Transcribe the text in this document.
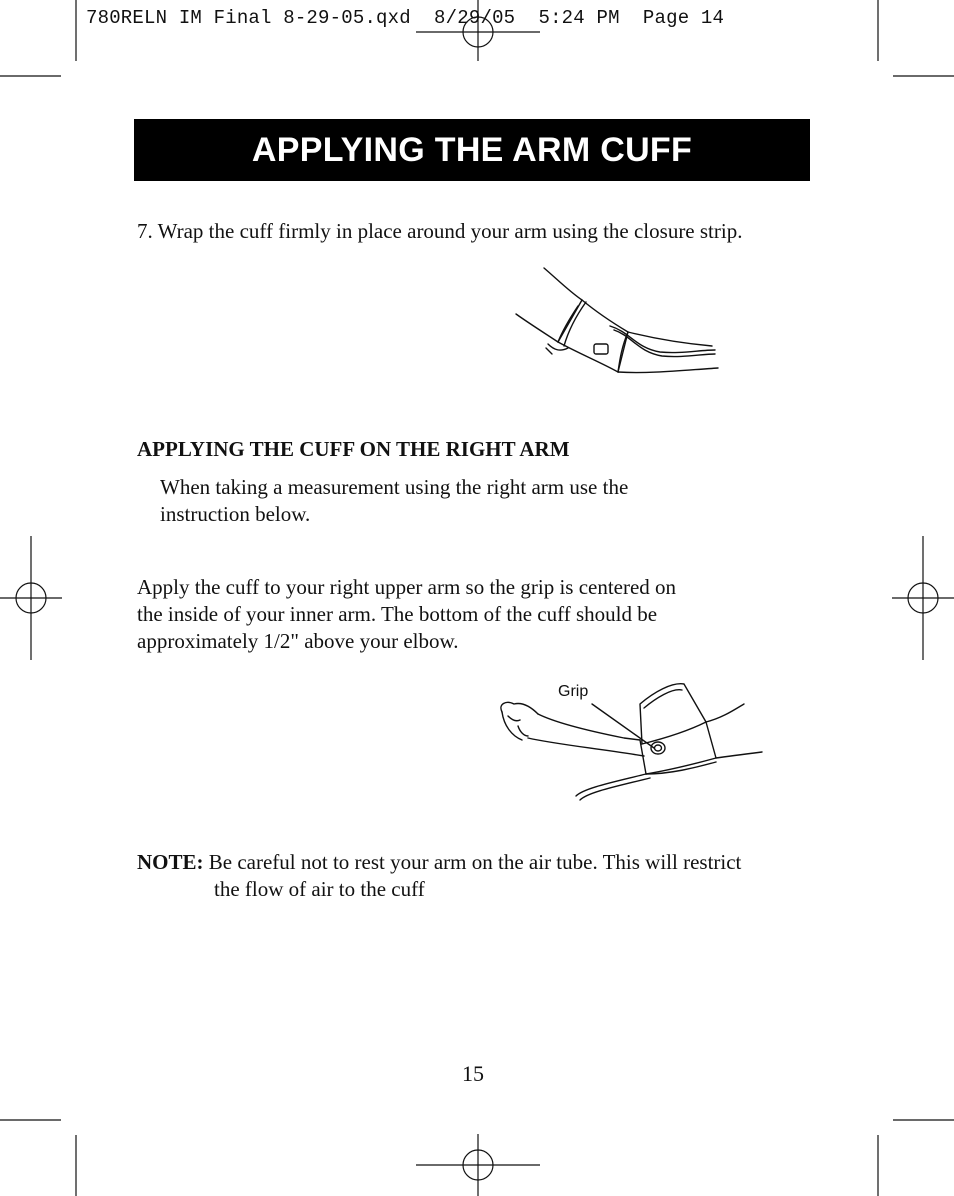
780RELN IM Final 8-29-05.qxd  8/29/05  5:24 PM  Page 14
APPLYING THE ARM CUFF
7. Wrap the cuff firmly in place around your arm using the closure strip.
APPLYING THE CUFF ON THE RIGHT ARM
When taking a measurement using the right arm use the
instruction below.
Apply the cuff to your right upper arm so the grip is centered on
the inside of your inner arm. The bottom of the cuff should be
approximately 1/2" above your elbow.
Grip
NOTE: Be careful not to rest your arm on the air tube. This will restrict
the flow of air to the cuff
15
